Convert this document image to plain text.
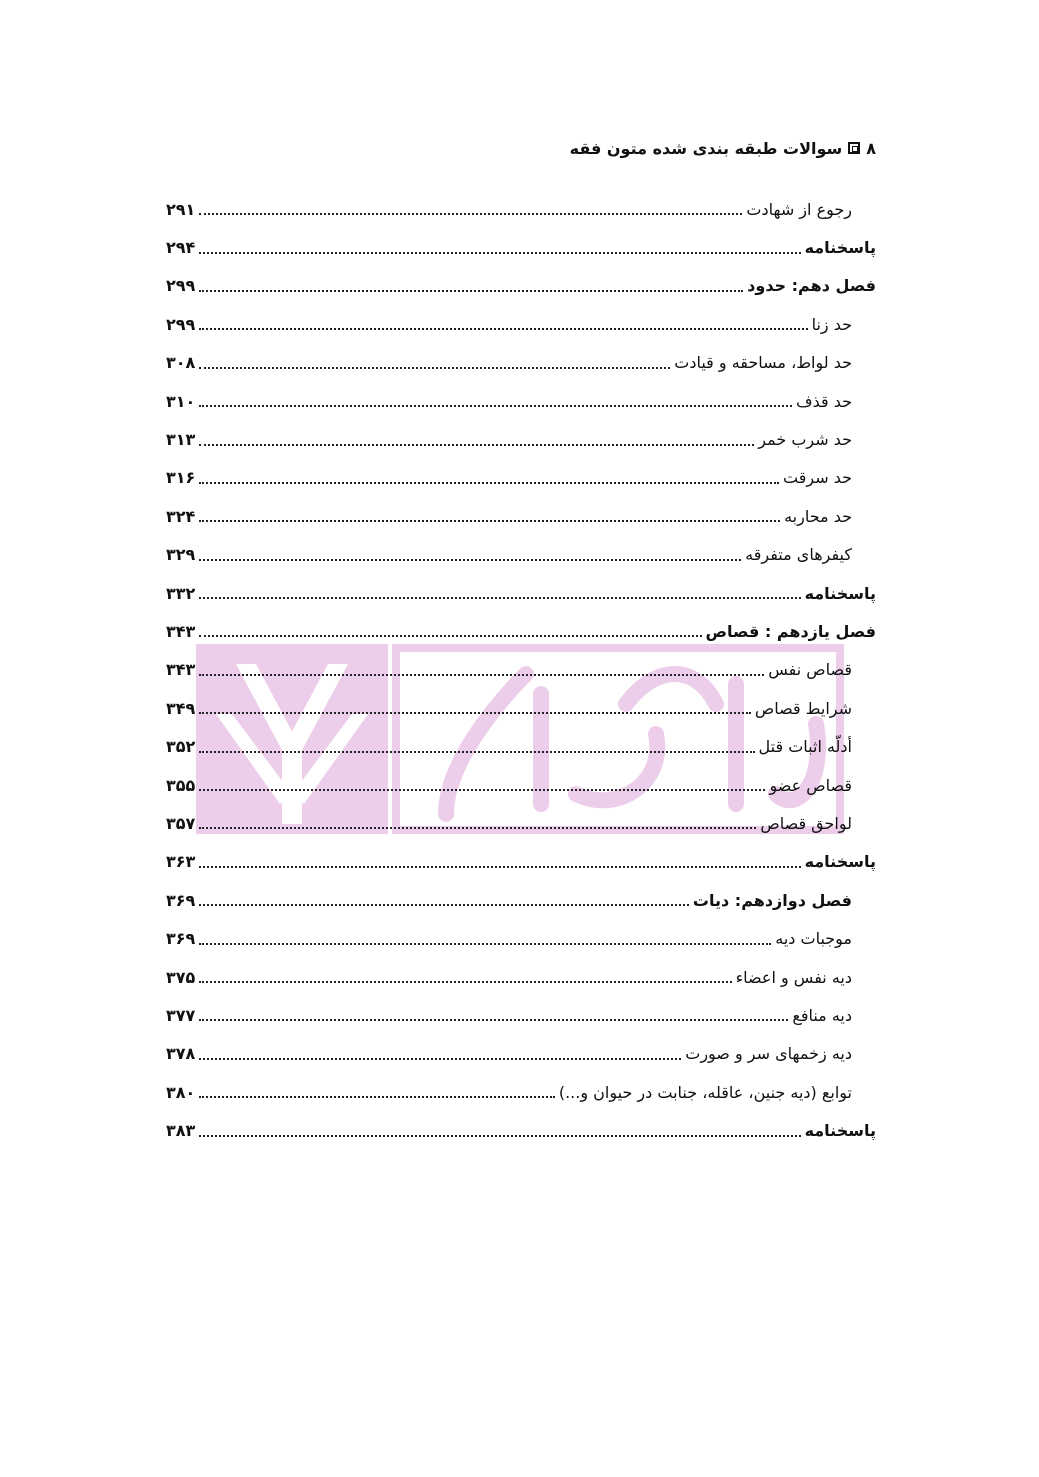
۸
سوالات طبقه بندی شده متون فقه
رجوع از شهادت
۲۹۱
پاسخنامه
۲۹۴
فصل دهم: حدود
۲۹۹
حد زنا
۲۹۹
حد لواط، مساحقه و قیادت
۳۰۸
حد قذف
۳۱۰
حد شرب خمر
۳۱۳
حد سرقت
۳۱۶
حد محاربه
۳۲۴
کیفرهای متفرقه
۳۲۹
پاسخنامه
۳۳۲
فصل یازدهم : قصاص
۳۴۳
قصاص نفس
۳۴۳
شرایط قصاص
۳۴۹
أدلّه اثبات قتل
۳۵۲
قصاص عضو
۳۵۵
لواحق قصاص
۳۵۷
پاسخنامه
۳۶۳
فصل دوازدهم: دیات
۳۶۹
موجبات دیه
۳۶۹
دیه نفس و اعضاء
۳۷۵
دیه منافع
۳۷۷
دیه زخمهای سر و صورت
۳۷۸
توابع (دیه جنین، عاقله، جنابت در حیوان و...)
۳۸۰
پاسخنامه
۳۸۳
